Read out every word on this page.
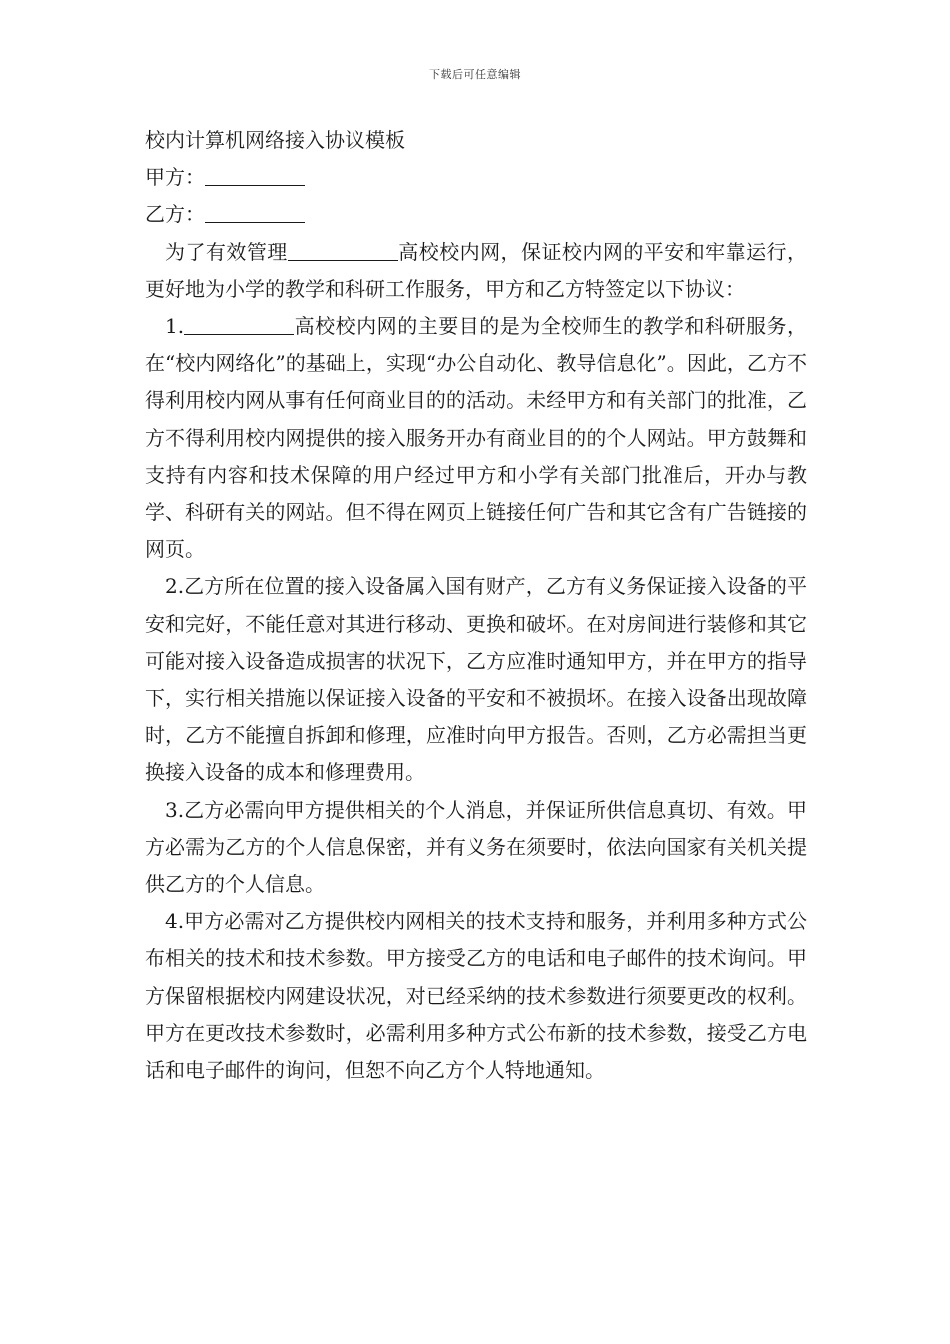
下载后可任意编辑

校内计算机网络接入协议模板

甲方：

乙方：

为了有效管理	高校校内网，保证校内网的平安和牢靠运行，更好地为小学的教学和科研工作服务，甲方和乙方特签定以下协议：

1.	高校校内网的主要目的是为全校师生的教学和科研服务，在“校内网络化”的基础上，实现“办公自动化、教导信息化”。因此，乙方不得利用校内网从事有任何商业目的的活动。未经甲方和有关部门的批准，乙方不得利用校内网提供的接入服务开办有商业目的的个人网站。甲方鼓舞和支持有内容和技术保障的用户经过甲方和小学有关部门批准后，开办与教学、科研有关的网站。但不得在网页上链接任何广告和其它含有广告链接的网页。

2.乙方所在位置的接入设备属入国有财产，乙方有义务保证接入设备的平安和完好，不能任意对其进行移动、更换和破坏。在对房间进行装修和其它可能对接入设备造成损害的状况下，乙方应准时通知甲方，并在甲方的指导下，实行相关措施以保证接入设备的平安和不被损坏。在接入设备出现故障时，乙方不能擅自拆卸和修理，应准时向甲方报告。否则，乙方必需担当更换接入设备的成本和修理费用。

3.乙方必需向甲方提供相关的个人消息，并保证所供信息真切、有效。甲方必需为乙方的个人信息保密，并有义务在须要时，依法向国家有关机关提供乙方的个人信息。

4.甲方必需对乙方提供校内网相关的技术支持和服务，并利用多种方式公布相关的技术和技术参数。甲方接受乙方的电话和电子邮件的技术询问。甲方保留根据校内网建设状况，对已经采纳的技术参数进行须要更改的权利。甲方在更改技术参数时，必需利用多种方式公布新的技术参数，接受乙方电话和电子邮件的询问，但恕不向乙方个人特地通知。
